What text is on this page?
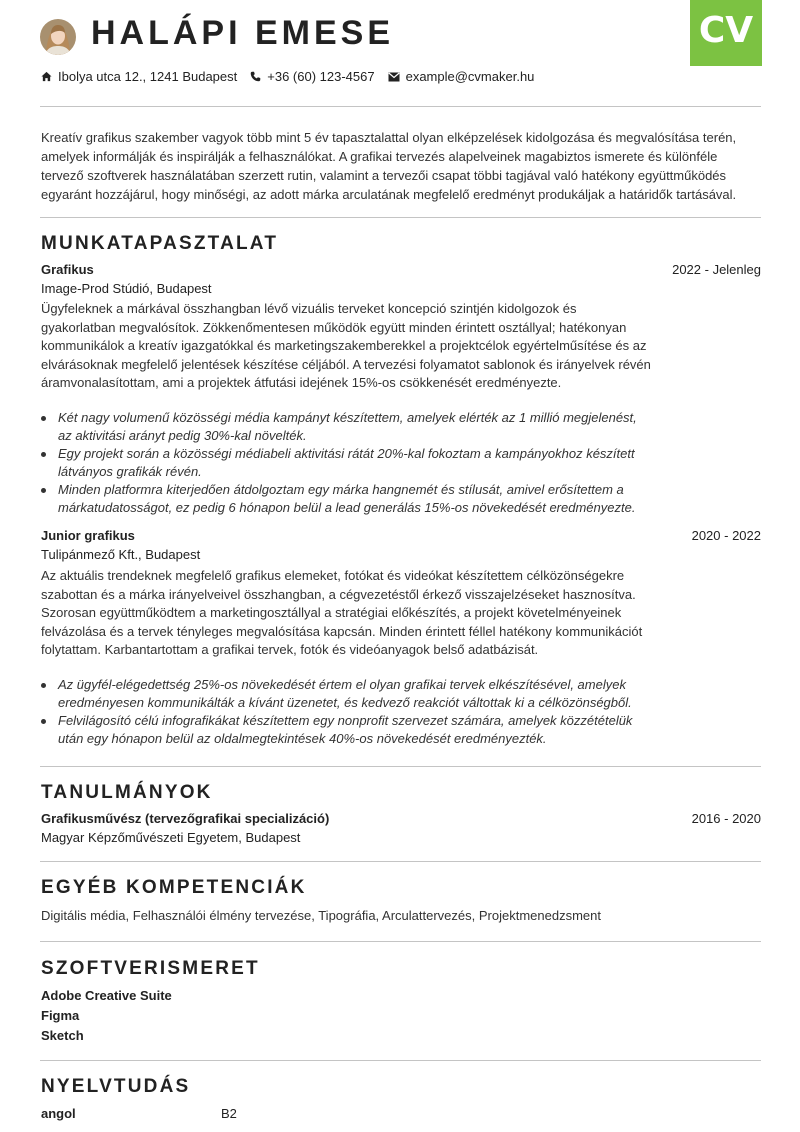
HALÁPI EMESE	CV
Ibolya utca 12., 1241 Budapest +36 (60) 123-4567 example@cvmaker.hu
Kreatív grafikus szakember vagyok több mint 5 év tapasztalattal olyan elképzelések kidolgozása és megvalósítása terén, amelyek informálják és inspirálják a felhasználókat. A grafikai tervezés alapelveinek magabiztos ismerete és különféle tervező szoftverek használatában szerzett rutin, valamint a tervezői csapat többi tagjával való hatékony együttműködés egyaránt hozzájárul, hogy minőségi, az adott márka arculatának megfelelő eredményt produkáljak a határidők tartásával.
MUNKATAPASZTALAT
Grafikus	2022 - Jelenleg
Image-Prod Stúdió, Budapest
Ügyfeleknek a márkával összhangban lévő vizuális terveket koncepció szintjén kidolgozok és gyakorlatban megvalósítok. Zökkenőmentesen működök együtt minden érintett osztállyal; hatékonyan kommunikálok a kreatív igazgatókkal és marketingszakemberekkel a projektcélok egyértelműsítése és az elvárásoknak megfelelő jelentések készítése céljából. A tervezési folyamatot sablonok és irányelvek révén áramvonalasítottam, ami a projektek átfutási idejének 15%-os csökkenését eredményezte.
Két nagy volumenű közösségi média kampányt készítettem, amelyek elérték az 1 millió megjelenést, az aktivitási arányt pedig 30%-kal növelték.
Egy projekt során a közösségi médiabeli aktivitási rátát 20%-kal fokoztam a kampányokhoz készített látványos grafikák révén.
Minden platformra kiterjedően átdolgoztam egy márka hangnemét és stílusát, amivel erősítettem a márkatudatosságot, ez pedig 6 hónapon belül a lead generálás 15%-os növekedését eredményezte.
Junior grafikus	2020 - 2022
Tulipánmező Kft., Budapest
Az aktuális trendeknek megfelelő grafikus elemeket, fotókat és videókat készítettem célközönségekre szabottan és a márka irányelveivel összhangban, a cégvezetéstől érkező visszajelzéseket hasznosítva. Szorosan együttműködtem a marketingosztállyal a stratégiai előkészítés, a projekt követelményeinek felvázolása és a tervek tényleges megvalósítása kapcsán. Minden érintett féllel hatékony kommunikációt folytattam. Karbantartottam a grafikai tervek, fotók és videóanyagok belső adatbázisát.
Az ügyfél-elégedettség 25%-os növekedését értem el olyan grafikai tervek elkészítésével, amelyek eredményesen kommunikálták a kívánt üzenetet, és kedvező reakciót váltottak ki a célközönségből.
Felvilágosító célú infografikákat készítettem egy nonprofit szervezet számára, amelyek közzétételük után egy hónapon belül az oldalmegtekintések 40%-os növekedését eredményezték.
TANULMÁNYOK
Grafikusművész (tervezőgrafikai specializáció)	2016 - 2020
Magyar Képzőművészeti Egyetem, Budapest
EGYÉB KOMPETENCIÁK
Digitális média, Felhasználói élmény tervezése, Tipográfia, Arculattervezés, Projektmenedzsment
SZOFTVERISMERET
Adobe Creative Suite
Figma
Sketch
NYELVTUDÁS
angol	B2
